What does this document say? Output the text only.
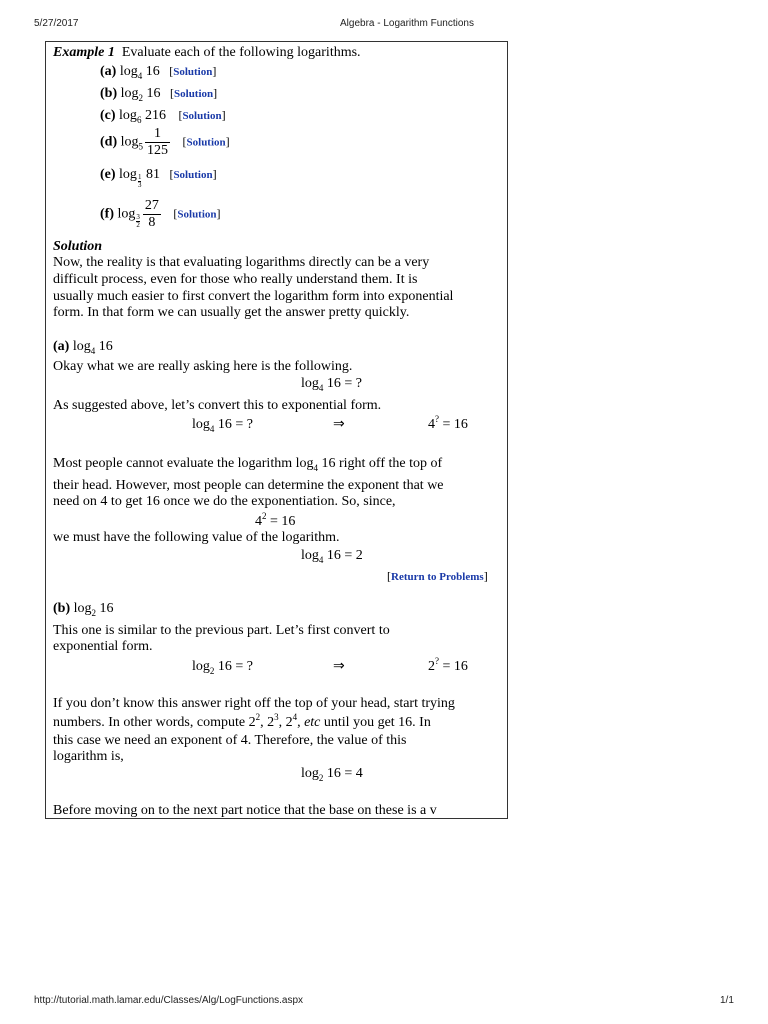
5/27/2017	Algebra - Logarithm Functions
http://tutorial.math.lamar.edu/Classes/Alg/LogFunctions.aspx	1/1
Example 1 Evaluate each of the following logarithms.
(a) $\log_4 16$   [Solution]
(b) $\log_2 16$   [Solution]
(c) $\log_6 216$    [Solution]
(d) $\log_5 \frac{1}{125}$ [Solution]
(e) $\log \frac{1}{3} 81$   [Solution]
(f) $\log \frac{3}{2} \frac{27}{8}$ [Solution]
Solution
Now, the reality is that evaluating logarithms directly can be a very
difficult process, even for those who really understand them. It is
usually much easier to first convert the logarithm form into exponential
form. In that form we can usually get the answer pretty quickly.
(a) $\log_4 16$
Okay what we are really asking here is the following.
$\log_4 16$ = ?
As suggested above, let’s convert this to exponential form.
$\log_4 16$ = ?	⇒	4? = 16
Most people cannot evaluate the logarithm $\log_4 16$ right off the top of
their head. However, most people can determine the exponent that we
need on 4 to get 16 once we do the exponentiation. So, since,
$4^2 = 16$
we must have the following value of the logarithm.
$\log_4 16 = 2$
[Return to Problems]
(b) $\log_2 16$
This one is similar to the previous part. Let’s first convert to
exponential form.
$\log_2 16$ = ?	⇒	2? = 16
If you don’t know this answer right off the top of your head, start trying
numbers. In other words, compute $2^2$, $2^3$, $2^4$, etc until you get 16. In
this case we need an exponent of 4. Therefore, the value of this
logarithm is,
$\log_2 16 = 4$
Before moving on to the next part notice that the base on these is a v
